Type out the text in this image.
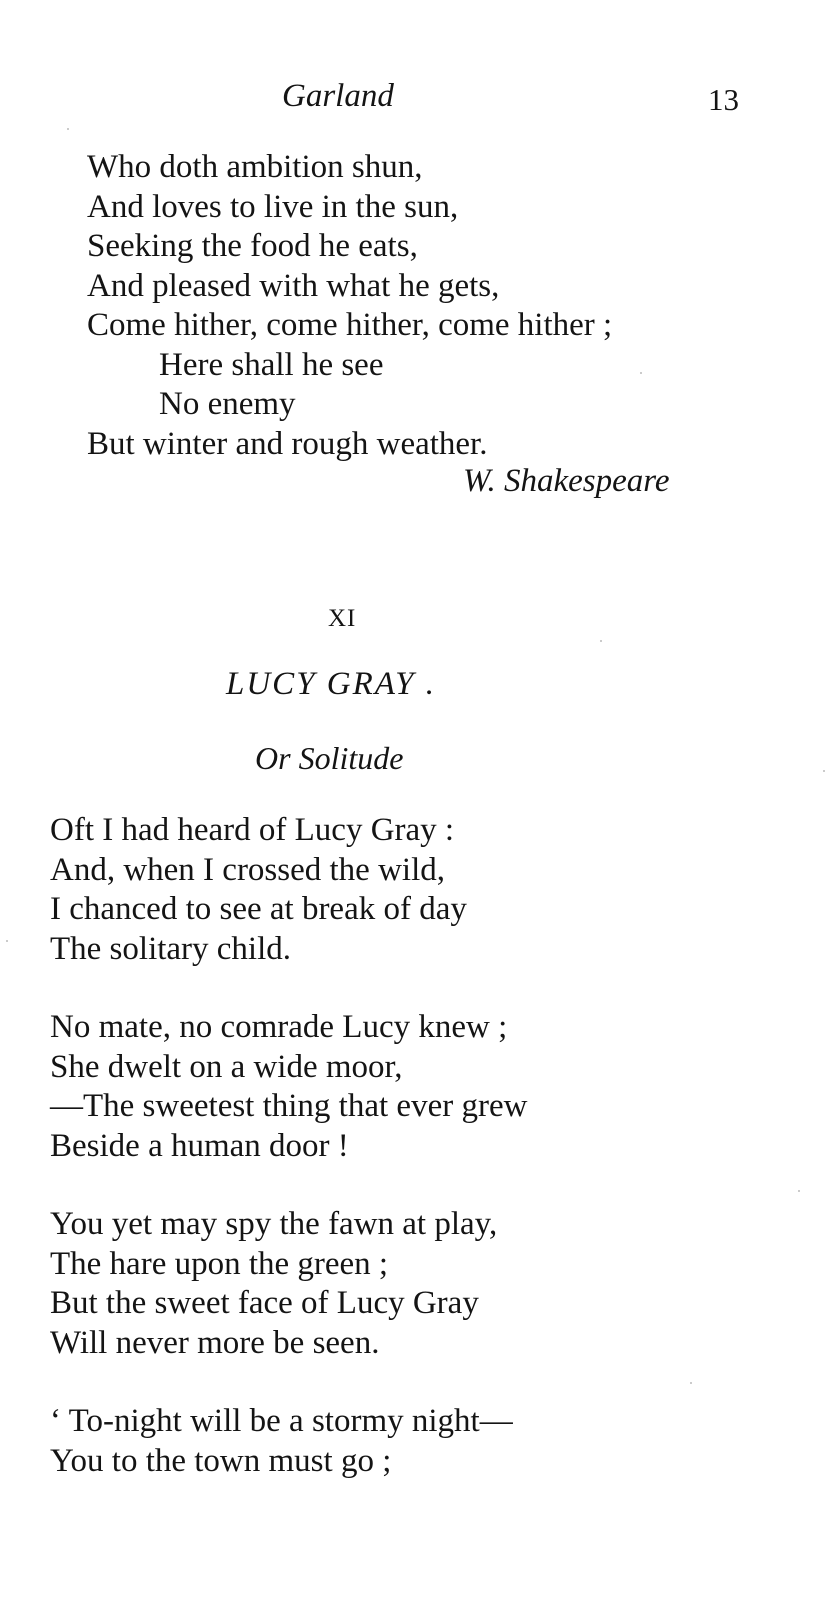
Garland	13
Who doth ambition shun,
And loves to live in the sun,
Seeking the food he eats,
And pleased with what he gets,
Come hither, come hither, come hither ;
Here shall he see
No enemy
But winter and rough weather.
W. Shakespeare
XI
LUCY GRAY .
Or Solitude
Oft I had heard of Lucy Gray :
And, when I crossed the wild,
I chanced to see at break of day
The solitary child.
No mate, no comrade Lucy knew ;
She dwelt on a wide moor,
—The sweetest thing that ever grew
Beside a human door !
You yet may spy the fawn at play,
The hare upon the green ;
But the sweet face of Lucy Gray
Will never more be seen.
‘ To-night will be a stormy night—
You to the town must go ;
